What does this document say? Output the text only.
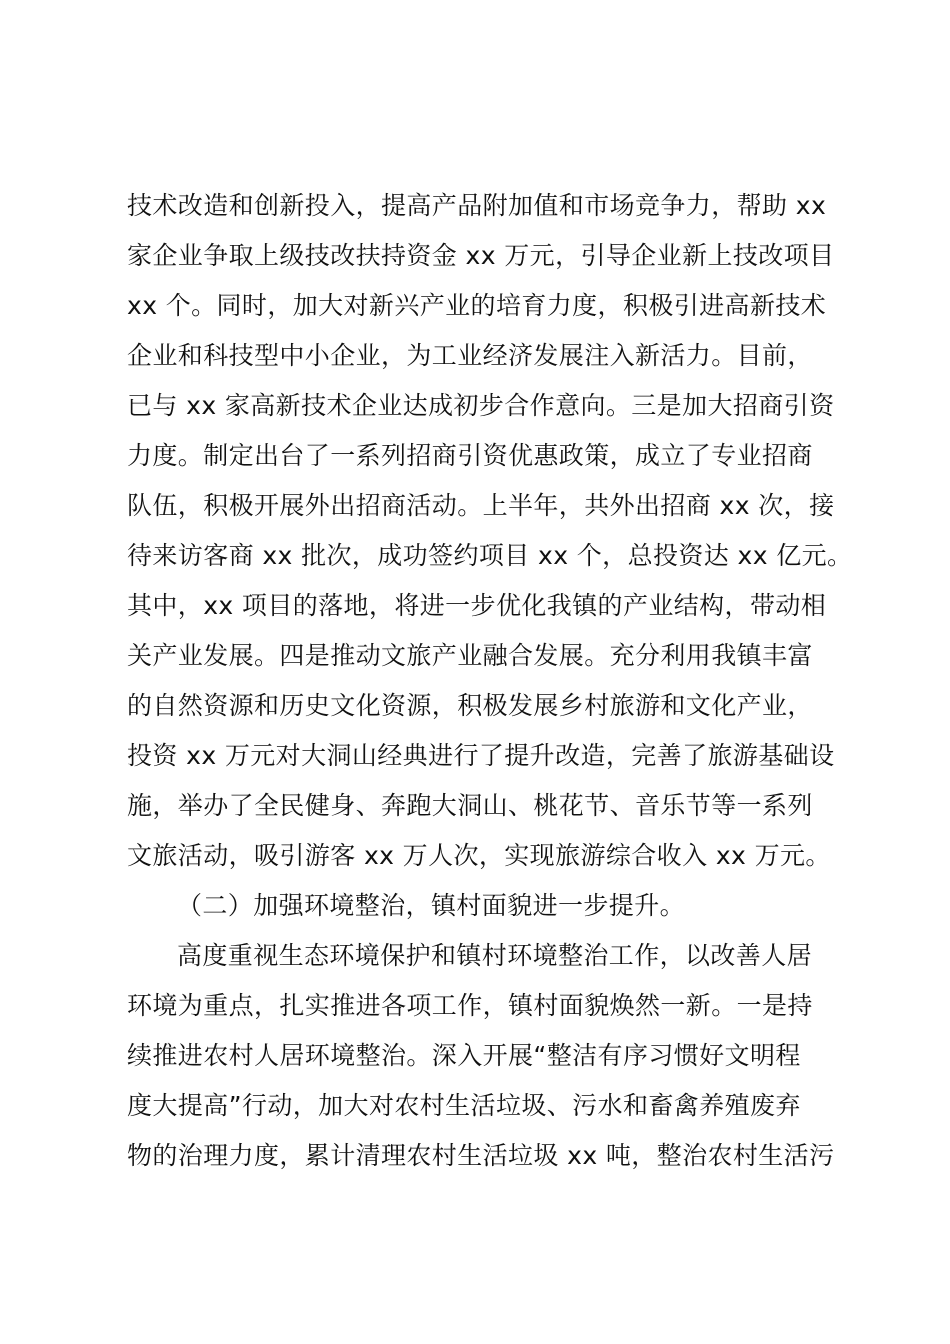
技术改造和创新投入，提高产品附加值和市场竞争力，帮助 xx
家企业争取上级技改扶持资金 xx 万元，引导企业新上技改项目
xx 个。同时，加大对新兴产业的培育力度，积极引进高新技术
企业和科技型中小企业，为工业经济发展注入新活力。目前，
已与 xx 家高新技术企业达成初步合作意向。三是加大招商引资
力度。制定出台了一系列招商引资优惠政策，成立了专业招商
队伍，积极开展外出招商活动。上半年，共外出招商 xx 次，接
待来访客商 xx 批次，成功签约项目 xx 个，总投资达 xx 亿元。
其中，xx 项目的落地，将进一步优化我镇的产业结构，带动相
关产业发展。四是推动文旅产业融合发展。充分利用我镇丰富
的自然资源和历史文化资源，积极发展乡村旅游和文化产业，
投资 xx 万元对大洞山经典进行了提升改造，完善了旅游基础设
施，举办了全民健身、奔跑大洞山、桃花节、音乐节等一系列
文旅活动，吸引游客 xx 万人次，实现旅游综合收入 xx 万元。
（二）加强环境整治，镇村面貌进一步提升。
高度重视生态环境保护和镇村环境整治工作，以改善人居
环境为重点，扎实推进各项工作，镇村面貌焕然一新。一是持
续推进农村人居环境整治。深入开展“整洁有序习惯好文明程
度大提高”行动，加大对农村生活垃圾、污水和畜禽养殖废弃
物的治理力度，累计清理农村生活垃圾 xx 吨，整治农村生活污
